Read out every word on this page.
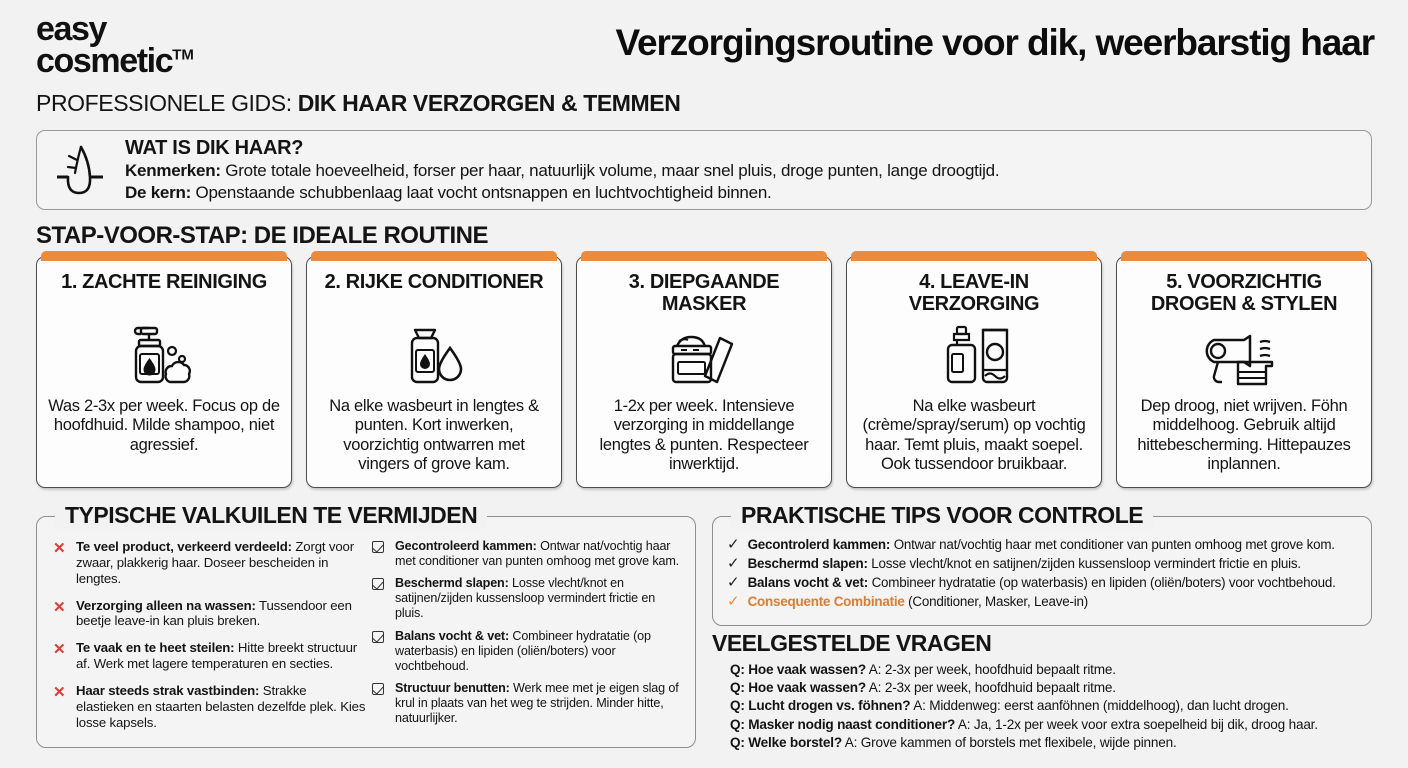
easy
cosmetic™	Verzorgingsroutine voor dik, weerbarstig haar
PROFESSIONELE GIDS: DIK HAAR VERZORGEN & TEMMEN
WAT IS DIK HAAR?
Kenmerken: Grote totale hoeveelheid, forser per haar, natuurlijk volume, maar snel pluis, droge punten, lange droogtijd.
De kern: Openstaande schubbenlaag laat vocht ontsnappen en luchtvochtigheid binnen.
STAP-VOOR-STAP: DE IDEALE ROUTINE
1. ZACHTE REINIGING
Was 2-3x per week. Focus op de hoofdhuid. Milde shampoo, niet agressief.
2. RIJKE CONDITIONER
Na elke wasbeurt in lengtes & punten. Kort inwerken, voorzichtig ontwarren met vingers of grove kam.
3. DIEPGAANDE MASKER
1-2x per week. Intensieve verzorging in middellange lengtes & punten. Respecteer inwerktijd.
4. LEAVE-IN VERZORGING
Na elke wasbeurt (crème/spray/serum) op vochtig haar. Temt pluis, maakt soepel. Ook tussendoor bruikbaar.
5. VOORZICHTIG DROGEN & STYLEN
Dep droog, niet wrijven. Föhn middelhoog. Gebruik altijd hittebescherming. Hittepauzes inplannen.
TYPISCHE VALKUILEN TE VERMIJDEN
✕ Te veel product, verkeerd verdeeld: Zorgt voor zwaar, plakkerig haar. Doseer bescheiden in lengtes.
✕ Verzorging alleen na wassen: Tussendoor een beetje leave-in kan pluis breken.
✕ Te vaak en te heet steilen: Hitte breekt structuur af. Werk met lagere temperaturen en secties.
✕ Haar steeds strak vastbinden: Strakke elastieken en staarten belasten dezelfde plek. Kies losse kapsels.
Gecontroleerd kammen: Ontwar nat/vochtig haar met conditioner van punten omhoog met grove kam.
Beschermd slapen: Losse vlecht/knot en satijnen/zijden kussensloop vermindert frictie en pluis.
Balans vocht & vet: Combineer hydratatie (op waterbasis) en lipiden (oliën/boters) voor vochtbehoud.
Structuur benutten: Werk mee met je eigen slag of krul in plaats van het weg te strijden. Minder hitte, natuurlijker.
PRAKTISCHE TIPS VOOR CONTROLE
✓ Gecontrolerd kammen: Ontwar nat/vochtig haar met conditioner van punten omhoog met grove kom.
✓ Beschermd slapen: Losse vlecht/knot en satijnen/zijden kussensloop vermindert frictie en pluis.
✓ Balans vocht & vet: Combineer hydratatie (op waterbasis) en lipiden (oliën/boters) voor vochtbehoud.
✓ Consequente Combinatie (Conditioner, Masker, Leave-in)
VEELGESTELDE VRAGEN
Q: Hoe vaak wassen? A: 2-3x per week, hoofdhuid bepaalt ritme.
Q: Hoe vaak wassen? A: 2-3x per week, hoofdhuid bepaalt ritme.
Q: Lucht drogen vs. föhnen? A: Middenweg: eerst aanföhnen (middelhoog), dan lucht drogen.
Q: Masker nodig naast conditioner? A: Ja, 1-2x per week voor extra soepelheid bij dik, droog haar.
Q: Welke borstel? A: Grove kammen of borstels met flexibele, wijde pinnen.
